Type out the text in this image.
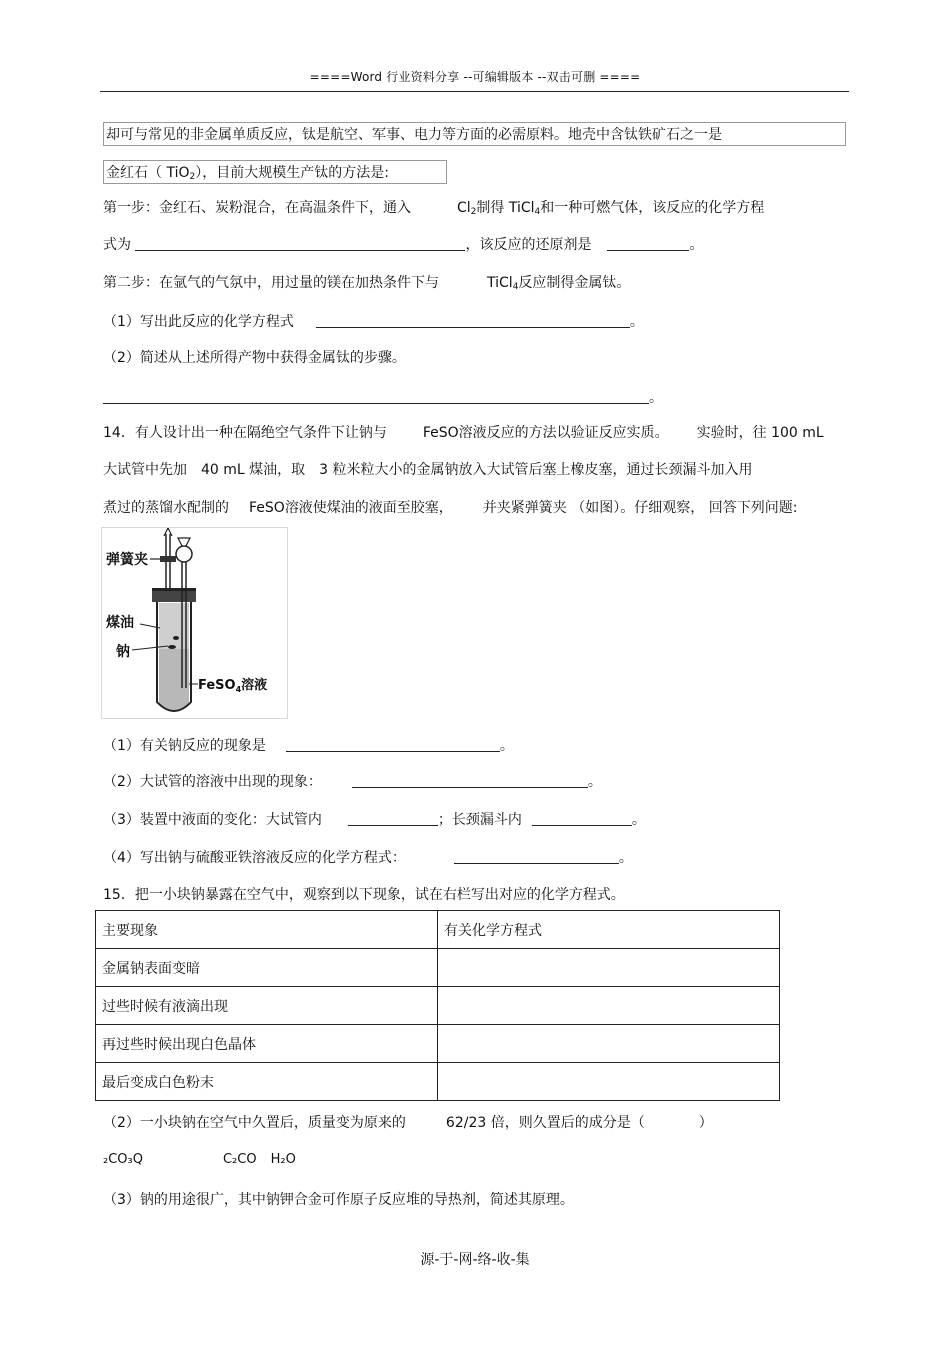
====Word 行业资料分享 --可编辑版本 --双击可删 ====
却可与常见的非金属单质反应，钛是航空、军事、电力等方面的必需原料。地壳中含钛铁矿石之一是
金红石（ TiO$_2$），目前大规模生产钛的方法是:
第一步：金红石、炭粉混合，在高温条件下，通入	$Cl_2$制得 TiCl$_4$和一种可燃气体，该反应的化学方程
式为	，该反应的还原剂是	。
第二步：在氩气的气氛中，用过量的镁在加热条件下与	TiCl$_4$反应制得金属钛。
（1）写出此反应的化学方程式	。
（2）简述从上述所得产物中获得金属钛的步骤。
。
14．有人设计出一种在隔绝空气条件下让钠与	FeSO溶液反应的方法以验证反应实质。 实验时，往 100 mL
大试管中先加 40 mL 煤油，取 3 粒米粒大小的金属钠放入大试管后塞上橡皮塞，通过长颈漏斗加入用
煮过的蒸馏水配制的 FeSO溶液使煤油的液面至胶塞， 并夹紧弹簧夹 （如图）。仔细观察， 回答下列问题:
弹簧夹
煤油
钠
FeSO$_4$溶液
（1）有关钠反应的现象是	。
（2）大试管的溶液中出现的现象：	。
（3）装置中液面的变化：大试管内	；长颈漏斗内	。
（4）写出钠与硫酸亚铁溶液反应的化学方程式：	。
15．把一小块钠暴露在空气中，观察到以下现象，试在右栏写出对应的化学方程式。
主要现象	有关化学方程式
金属钠表面变暗	
过些时候有液滴出现	
再过些时候出现白色晶体	
最后变成白色粉末	
（2）一小块钠在空气中久置后，质量变为原来的	62/23 倍，则久置后的成分是（	）
₂CO₃Q	C₂CO H₂O
（3）钠的用途很广，其中钠钾合金可作原子反应堆的导热剂，简述其原理。
源-于-网-络-收-集
